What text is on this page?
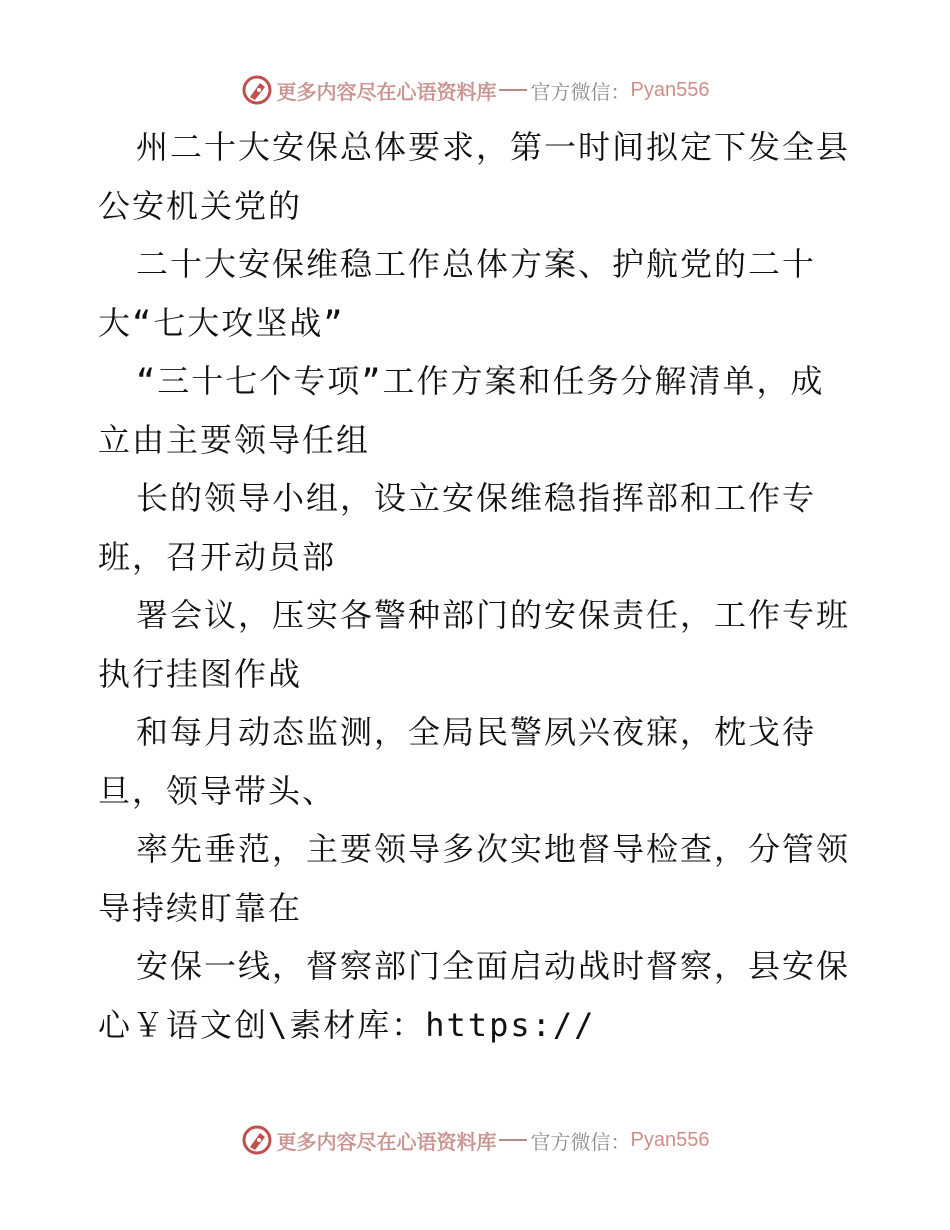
更多内容尽在心语资料库 官方微信： Pyan556
州二十大安保总体要求，第一时间拟定下发全县
公安机关党的
二十大安保维稳工作总体方案、护航党的二十
大“七大攻坚战”
“三十七个专项”工作方案和任务分解清单，成
立由主要领导任组
长的领导小组，设立安保维稳指挥部和工作专
班，召开动员部
署会议，压实各警种部门的安保责任，工作专班
执行挂图作战
和每月动态监测，全局民警夙兴夜寐，枕戈待
旦，领导带头、
率先垂范，主要领导多次实地督导检查，分管领
导持续盯靠在
安保一线，督察部门全面启动战时督察，县安保
心￥语文创\素材库：https://
更多内容尽在心语资料库 官方微信： Pyan556
